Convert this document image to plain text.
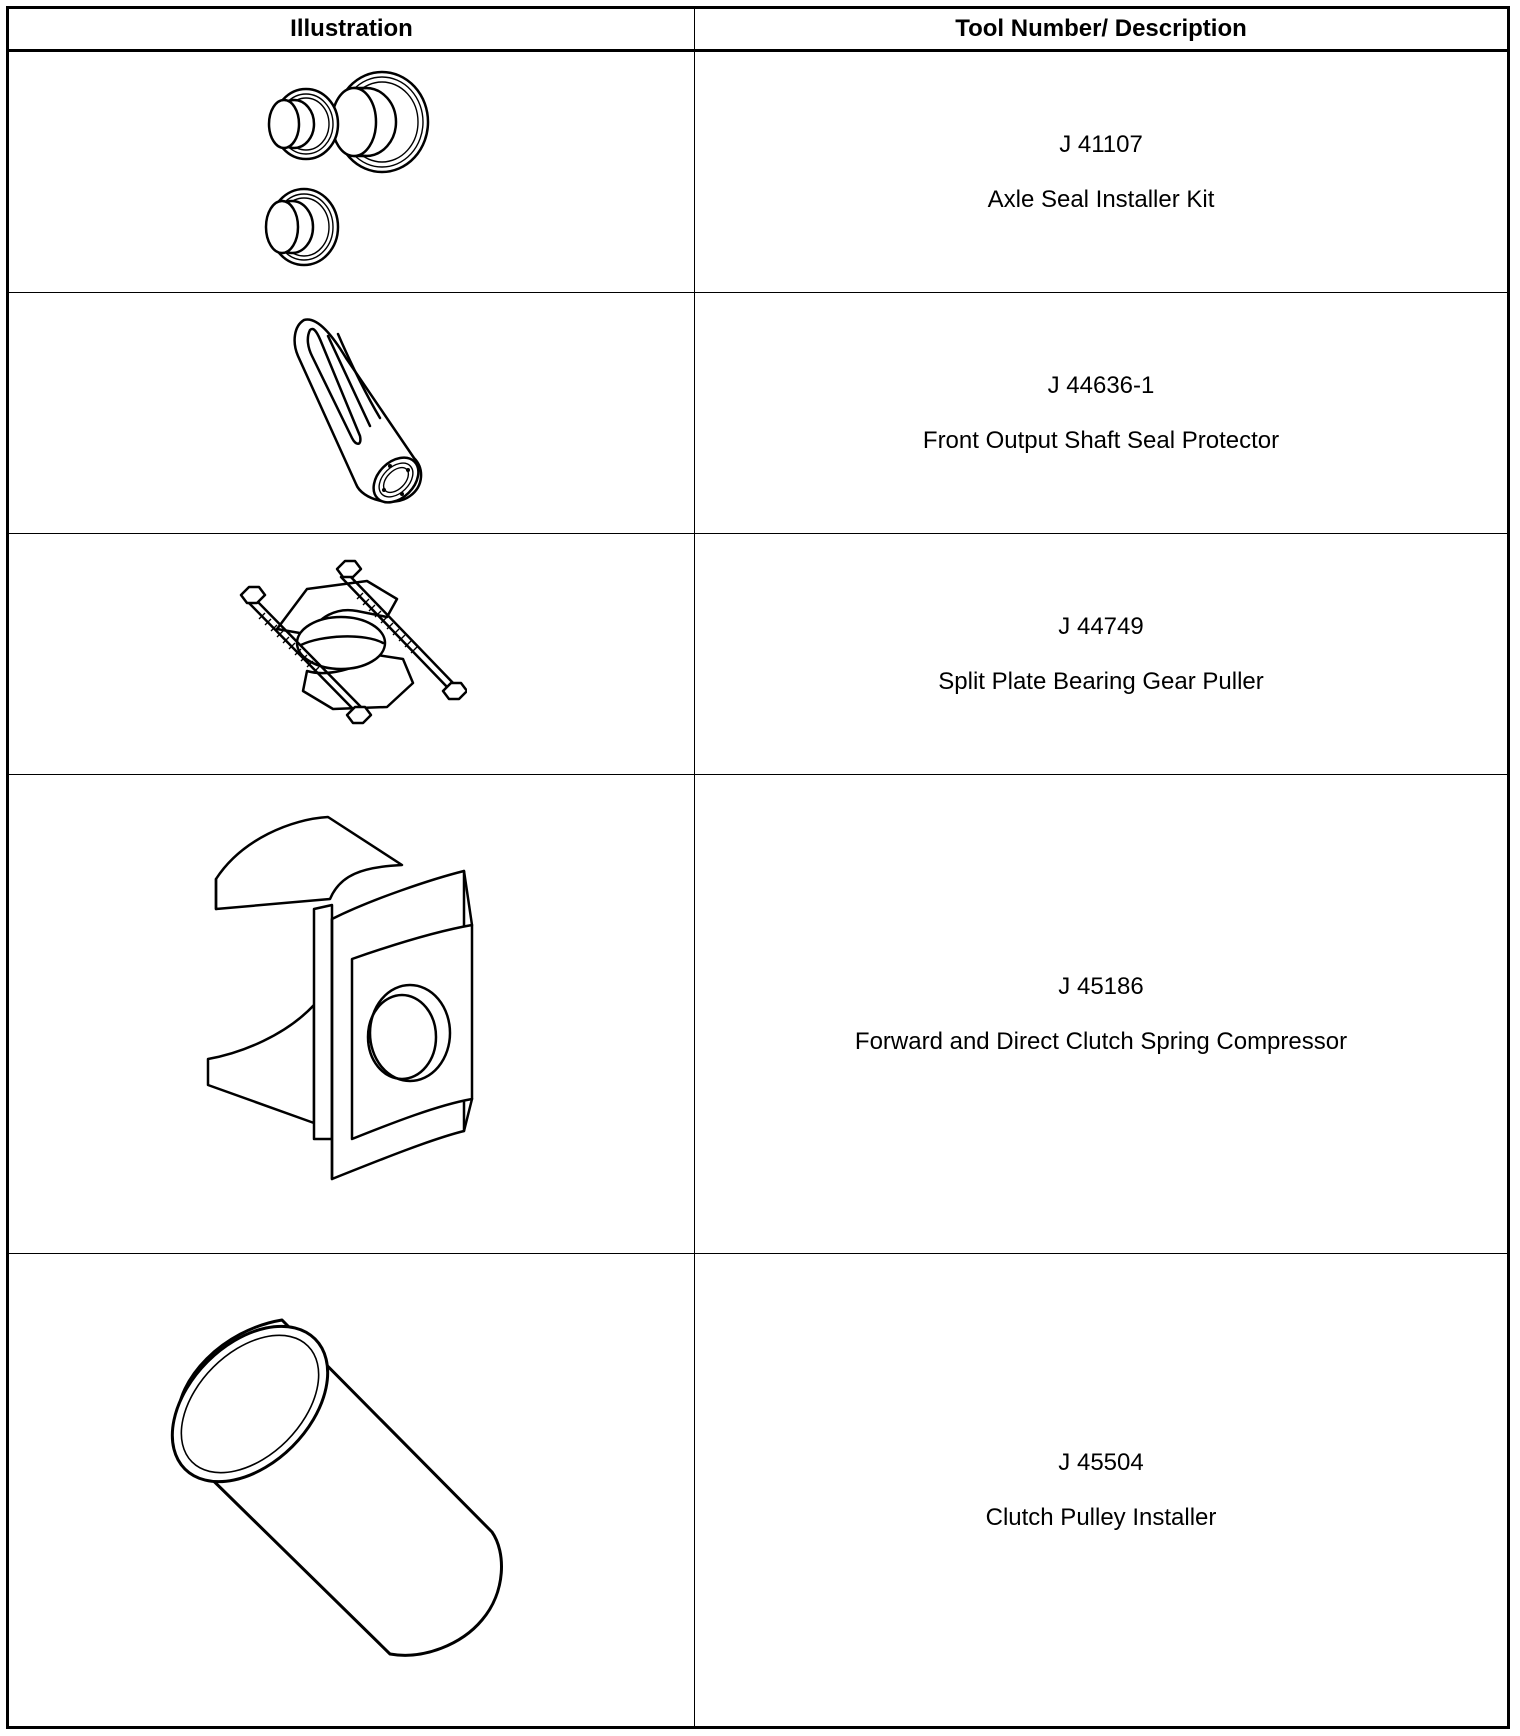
Illustration	Tool Number/ Description

J 41107
Axle Seal Installer Kit

J 44636-1
Front Output Shaft Seal Protector

J 44749
Split Plate Bearing Gear Puller

J 45186
Forward and Direct Clutch Spring Compressor

J 45504
Clutch Pulley Installer
